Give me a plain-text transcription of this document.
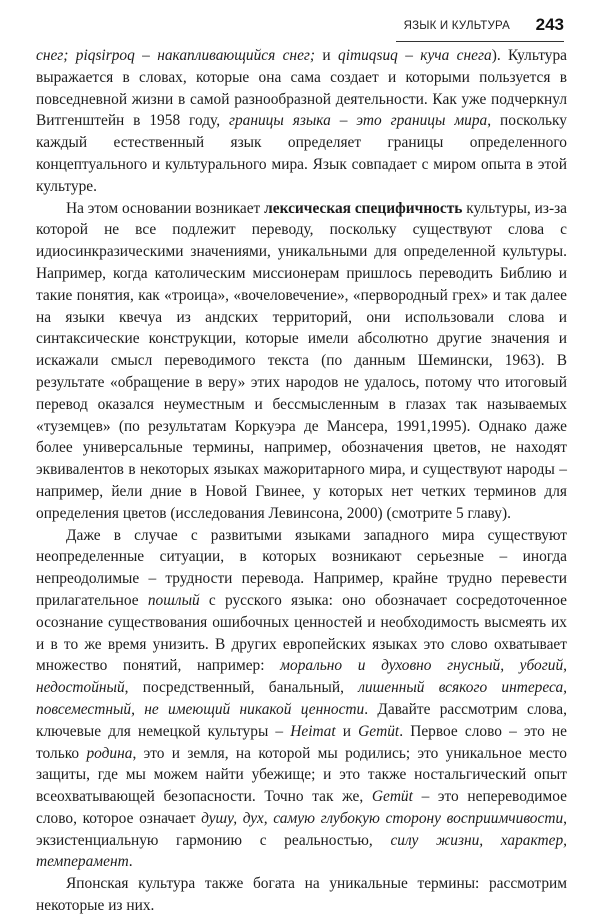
ЯЗЫК И КУЛЬТУРА 243

снег; piqsirpoq – накапливающийся снег; и qimuqsuq – куча снега). Культура выражается в словах, которые она сама создает и которыми пользуется в повседневной жизни в самой разнообразной деятельности. Как уже подчеркнул Витгенштейн в 1958 году, границы языка – это границы мира, поскольку каждый естественный язык определяет границы определенного концептуального и культурального мира. Язык совпадает с миром опыта в этой культуре.

На этом основании возникает лексическая специфичность культуры, из-за которой не все подлежит переводу, поскольку существуют слова с идиосинкразическими значениями, уникальными для определенной культуры. Например, когда католическим миссионерам пришлось переводить Библию и такие понятия, как «троица», «вочеловечение», «первородный грех» и так далее на языки квечуа из андских территорий, они использовали слова и синтаксические конструкции, которые имели абсолютно другие значения и искажали смысл переводимого текста (по данным Шемински, 1963). В результате «обращение в веру» этих народов не удалось, потому что итоговый перевод оказался неуместным и бессмысленным в глазах так называемых «туземцев» (по результатам Коркуэра де Мансера, 1991,1995). Однако даже более универсальные термины, например, обозначения цветов, не находят эквивалентов в некоторых языках мажоритарного мира, и существуют народы – например, йели дние в Новой Гвинее, у которых нет четких терминов для определения цветов (исследования Левинсона, 2000) (смотрите 5 главу).

Даже в случае с развитыми языками западного мира существуют неопределенные ситуации, в которых возникают серьезные – иногда непреодолимые – трудности перевода. Например, крайне трудно перевести прилагательное пошлый с русского языка: оно обозначает сосредоточенное осознание существования ошибочных ценностей и необходимость высмеять их и в то же время унизить. В других европейских языках это слово охватывает множество понятий, например: морально и духовно гнусный, убогий, недостойный, посредственный, банальный, лишенный всякого интереса, повсеместный, не имеющий никакой ценности. Давайте рассмотрим слова, ключевые для немецкой культуры – Heimat и Gemüt. Первое слово – это не только родина, это и земля, на которой мы родились; это уникальное место защиты, где мы можем найти убежище; и это также ностальгический опыт всеохватывающей безопасности. Точно так же, Gemüt – это непереводимое слово, которое означает душу, дух, самую глубокую сторону восприимчивости, экзистенциальную гармонию с реальностью, силу жизни, характер, темперамент.

Японская культура также богата на уникальные термины: рассмотрим некоторые из них.
